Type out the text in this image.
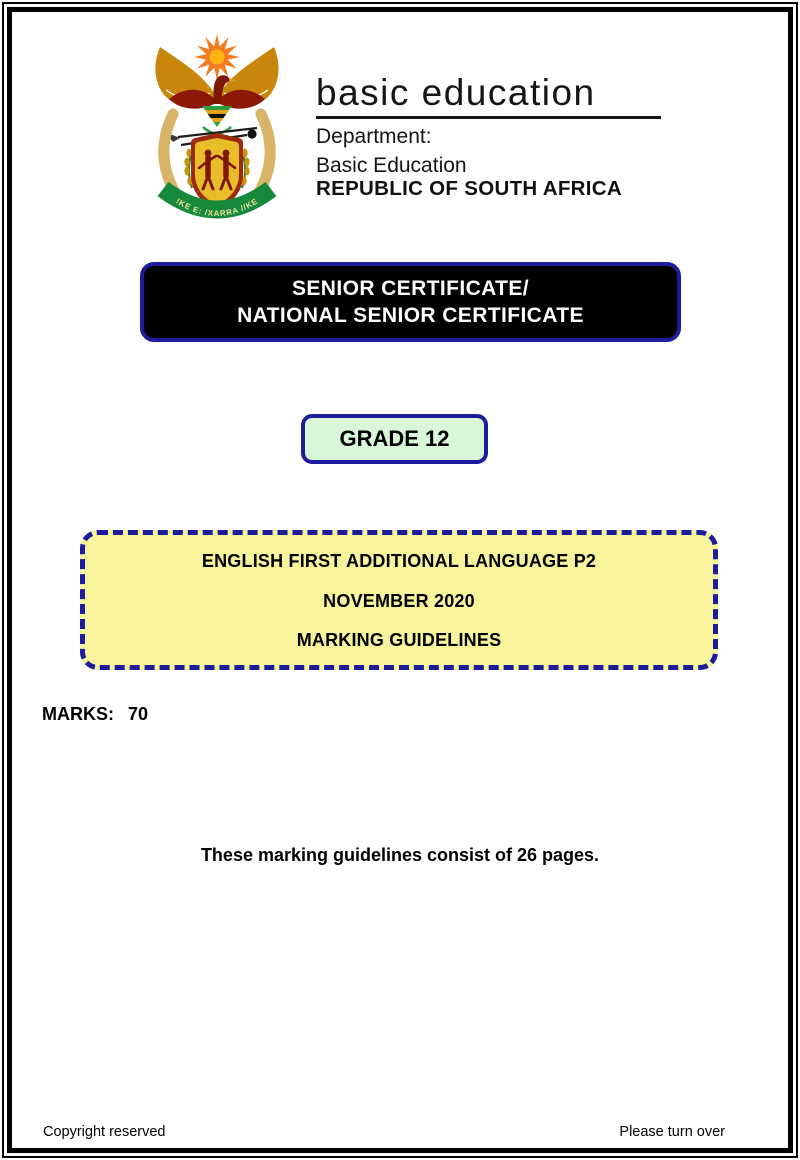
!KE E: /XARRA //KE
basic education
Department:
Basic Education
REPUBLIC OF SOUTH AFRICA
SENIOR CERTIFICATE/
NATIONAL SENIOR CERTIFICATE
GRADE 12
ENGLISH FIRST ADDITIONAL LANGUAGE P2
NOVEMBER 2020
MARKING GUIDELINES
MARKS: 70
These marking guidelines consist of 26 pages.
Copyright reserved	Please turn over
